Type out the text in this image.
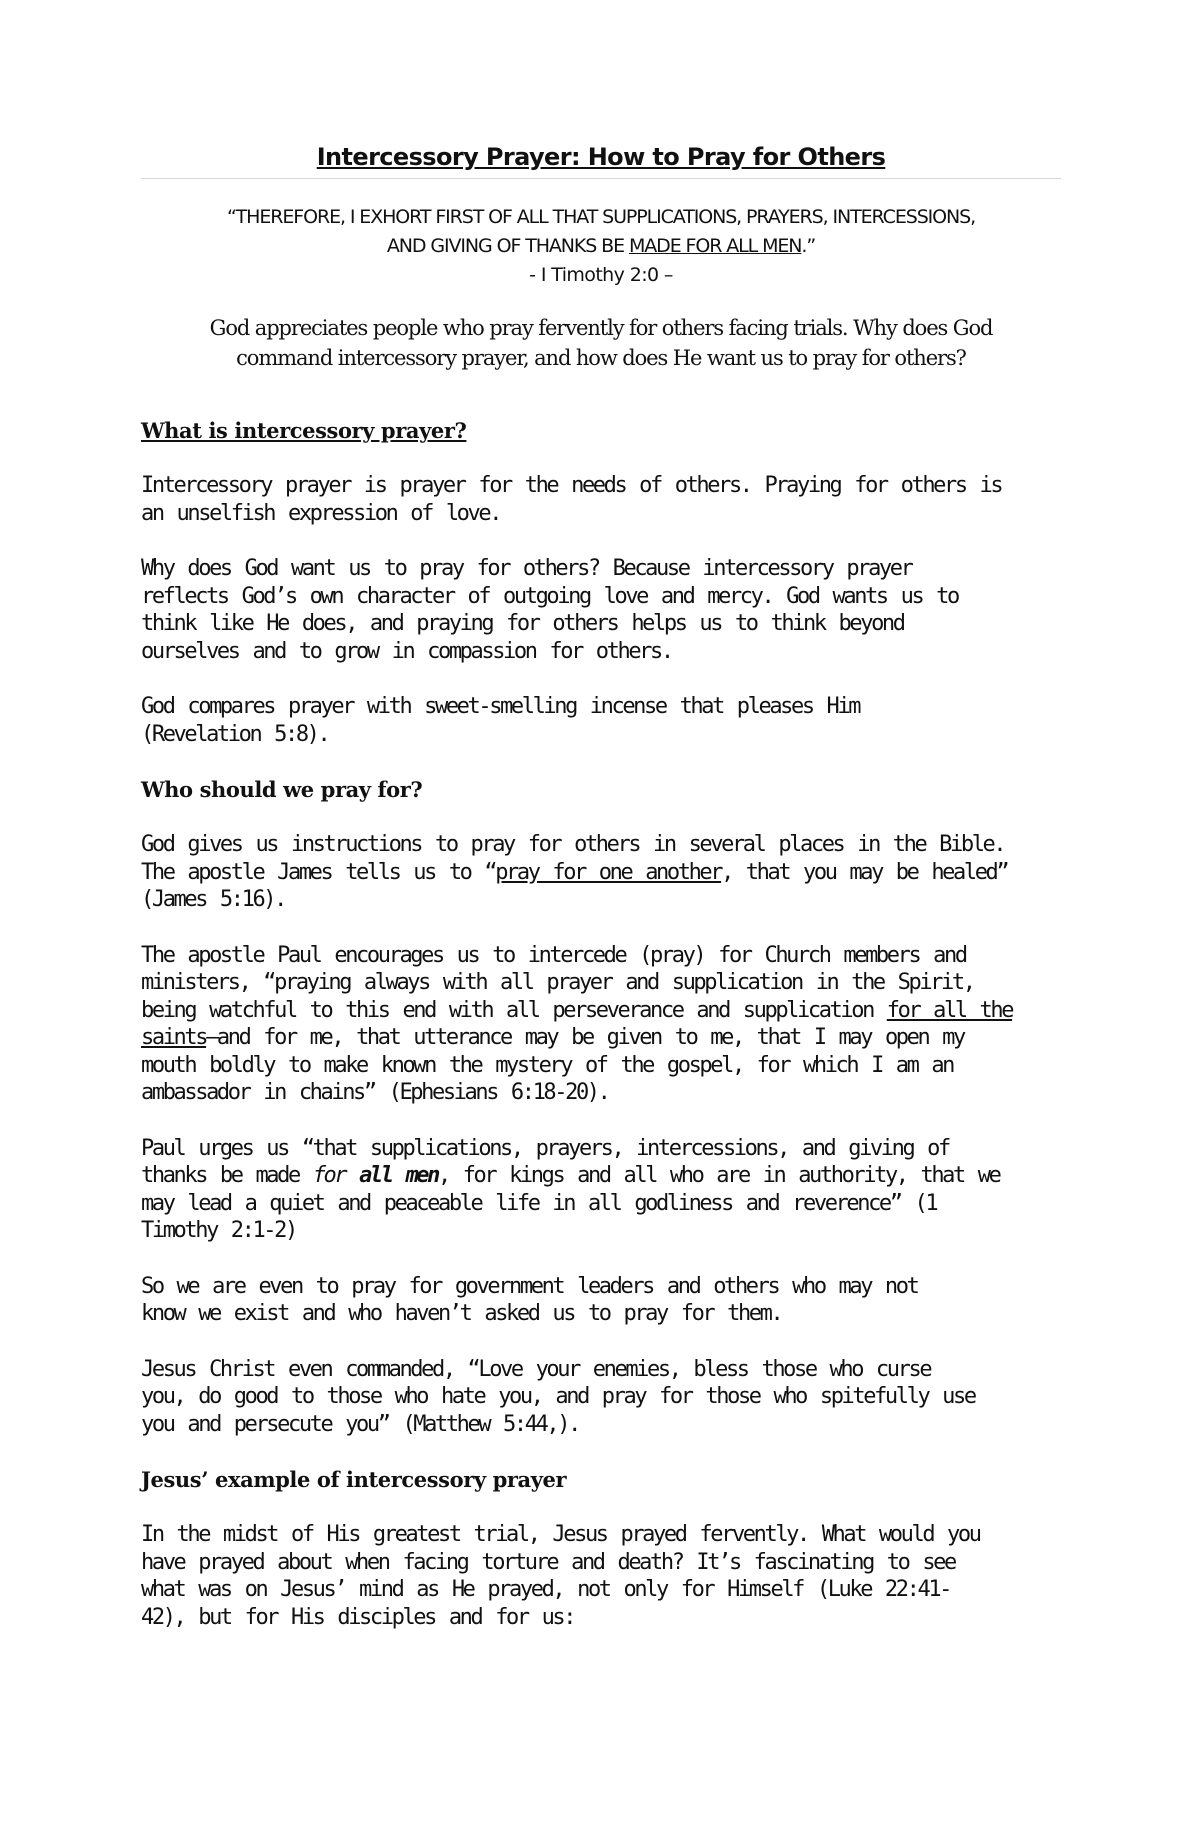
Intercessory Prayer: How to Pray for Others
“THEREFORE, I EXHORT FIRST OF ALL THAT SUPPLICATIONS, PRAYERS, INTERCESSIONS,
AND GIVING OF THANKS BE MADE FOR ALL MEN.”
- I Timothy 2:0 –
God appreciates people who pray fervently for others facing trials. Why does God
command intercessory prayer, and how does He want us to pray for others?
What is intercessory prayer?

Intercessory prayer is prayer for the needs of others. Praying for others is
an unselfish expression of love.

Why does God want us to pray for others? Because intercessory prayer
reflects God’s own character of outgoing love and mercy. God wants us to
think like He does, and praying for others helps us to think beyond
ourselves and to grow in compassion for others.

God compares prayer with sweet-smelling incense that pleases Him
(Revelation 5:8).

Who should we pray for?

God gives us instructions to pray for others in several places in the Bible.
The apostle James tells us to “pray for one another, that you may be healed”
(James 5:16).

The apostle Paul encourages us to intercede (pray) for Church members and
ministers, “praying always with all prayer and supplication in the Spirit,
being watchful to this end with all perseverance and supplication for all the
saints—and for me, that utterance may be given to me, that I may open my
mouth boldly to make known the mystery of the gospel, for which I am an
ambassador in chains” (Ephesians 6:18-20).

Paul urges us “that supplications, prayers, intercessions, and giving of
thanks be made for all men, for kings and all who are in authority, that we
may lead a quiet and peaceable life in all godliness and reverence” (1
Timothy 2:1-2)

So we are even to pray for government leaders and others who may not
know we exist and who haven’t asked us to pray for them.

Jesus Christ even commanded, “Love your enemies, bless those who curse
you, do good to those who hate you, and pray for those who spitefully use
you and persecute you” (Matthew 5:44,).

Jesus’ example of intercessory prayer

In the midst of His greatest trial, Jesus prayed fervently. What would you
have prayed about when facing torture and death? It’s fascinating to see
what was on Jesus’ mind as He prayed, not only for Himself (Luke 22:41-
42), but for His disciples and for us:
